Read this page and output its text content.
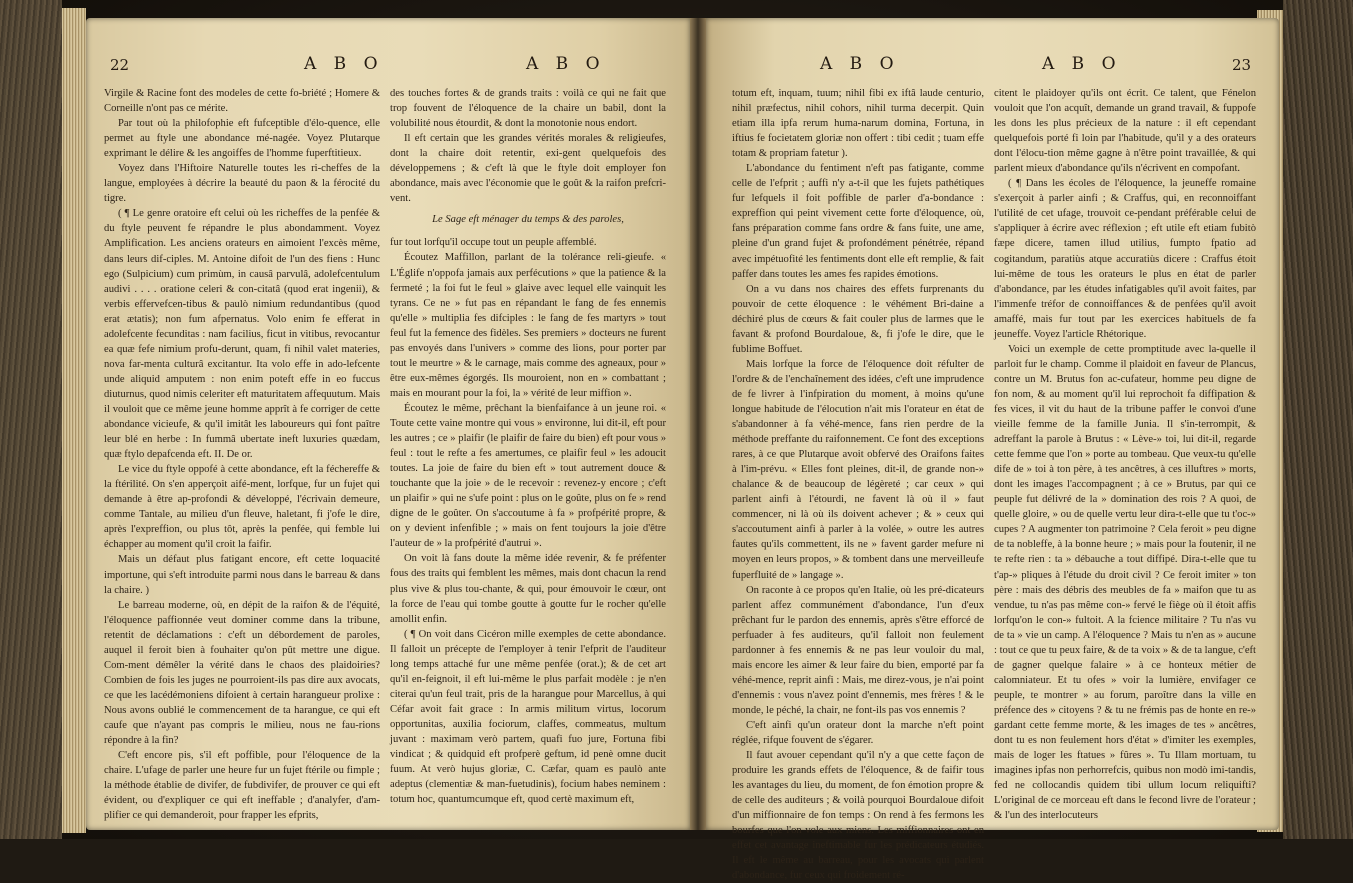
22	A B O	A B O	A B O	A B O	23

Virgile & Racine font des modeles de cette fo-briété ; Homere & Corneille n'ont pas ce mérite.

Par tout où la philofophie eft fufceptible d'élo-quence, elle permet au ftyle une abondance mé-nagée. Voyez Plutarque exprimant le délire & les angoiffes de l'homme fuperftitieux.

Voyez dans l'Hiftoire Naturelle toutes les ri-cheffes de la langue, employées à décrire la beauté du paon & la férocité du tigre.

( ¶ Le genre oratoire eft celui où les richeffes de la penfée & du ftyle peuvent fe répandre le plus abondamment. Voyez Amplification. Les anciens orateurs en aimoient l'excès même, dans leurs dif-ciples. M. Antoine difoit de l'un des fiens : Hunc ego (Sulpicium) cum primùm, in causâ parvulâ, adolefcentulum audivi . . . . oratione celeri & con-citatâ (quod erat ingenii), & verbis effervefcen-tibus & paulò nimium redundantibus (quod erat ætatis); non fum afpernatus. Volo enim fe efferat in adolefcente fecunditas : nam facilius, ficut in vitibus, revocantur ea quæ fefe nimium profu-derunt, quam, fi nihil valet materies, nova far-menta culturâ excitantur. Ita volo effe in ado-lefcente unde aliquid amputem : non enim poteft effe in eo fuccus diuturnus, quod nimis celeriter eft maturitatem affequutum. Mais il vouloit que ce même jeune homme apprît à fe corriger de cette abondance vicieufe, & qu'il imitât les laboureurs qui font paître leur blé en herbe : In fummâ ubertate ineft luxuries quædam, quæ ftylo depafcenda eft. II. De or.

Le vice du ftyle oppofé à cette abondance, eft la féchereffe & la ftérilité. On s'en apperçoit aifé-ment, lorfque, fur un fujet qui demande à être ap-profondi & développé, l'écrivain demeure, comme Tantale, au milieu d'un fleuve, haletant, fi j'ofe le dire, après l'expreffion, ou plus tôt, après la penfée, qui femble lui échapper au moment qu'il croit la faifir.

Mais un défaut plus fatigant encore, eft cette loquacité importune, qui s'eft introduite parmi nous dans le barreau & dans la chaire. )

Le barreau moderne, où, en dépit de la raifon & de l'équité, l'éloquence paffionnée veut dominer comme dans la tribune, retentit de déclamations : c'eft un débordement de paroles, auquel il feroit bien à fouhaiter qu'on pût mettre une digue. Com-ment démêler la vérité dans le chaos des plaidoiries? Combien de fois les juges ne pourroient-ils pas dire aux avocats, ce que les lacédémoniens difoient à certain harangueur prolixe : Nous avons oublié le commencement de ta harangue, ce qui eft caufe que n'ayant pas compris le milieu, nous ne fau-rions répondre à la fin?

C'eft encore pis, s'il eft poffible, pour l'éloquence de la chaire. L'ufage de parler une heure fur un fujet ftérile ou fimple ; la méthode établie de divifer, de fubdivifer, de prouver ce qui eft évident, ou d'expliquer ce qui eft ineffable ; d'analyfer, d'am-plifier ce qui demanderoit, pour frapper les efprits,

des touches fortes & de grands traits : voilà ce qui ne fait que trop fouvent de l'éloquence de la chaire un babil, dont la volubilité nous étourdit, & dont la monotonie nous endort.

Il eft certain que les grandes vérités morales & religieufes, dont la chaire doit retentir, exi-gent quelquefois des développemens ; & c'eft là que le ftyle doit employer fon abondance, mais avec l'économie que le goût & la raifon prefcri-vent.

Le Sage eft ménager du temps & des paroles,

fur tout lorfqu'il occupe tout un peuple affemblé.

Écoutez Maffillon, parlant de la tolérance reli-gieufe. « L'Églife n'oppofa jamais aux perfécutions » que la patience & la fermeté ; la foi fut le feul » glaive avec lequel elle vainquit les tyrans. Ce ne » fut pas en répandant le fang de fes ennemis qu'elle » multiplia fes difciples : le fang de fes martyrs » tout feul fut la femence des fidèles. Ses premiers » docteurs ne furent pas envoyés dans l'univers » comme des lions, pour porter par tout le meurtre » & le carnage, mais comme des agneaux, pour » être eux-mêmes égorgés. Ils mouroient, non en » combattant ; mais en mourant pour la foi, la » vérité de leur miffion ».

Écoutez le même, prêchant la bienfaifance à un jeune roi. « Toute cette vaine montre qui vous » environne, lui dit-il, eft pour les autres ; ce » plaifir (le plaifir de faire du bien) eft pour vous » feul : tout le refte a fes amertumes, ce plaifir feul » les adoucit toutes. La joie de faire du bien eft » tout autrement douce & touchante que la joie » de le recevoir : revenez-y encore ; c'eft un plaifir » qui ne s'ufe point : plus on le goûte, plus on fe » rend digne de le goûter. On s'accoutume à fa » profpérité propre, & on y devient infenfible ; » mais on fent toujours la joie d'être l'auteur de » la profpérité d'autrui ».

On voit là fans doute la même idée revenir, & fe préfenter fous des traits qui femblent les mêmes, mais dont chacun la rend plus vive & plus tou-chante, & qui, pour émouvoir le cœur, ont la force de l'eau qui tombe goutte à goutte fur le rocher qu'elle amollit enfin.

( ¶ On voit dans Cicéron mille exemples de cette abondance. Il falloit un précepte de l'employer à tenir l'efprit de l'auditeur long temps attaché fur une même penfée (orat.); & de cet art qu'il en-feignoit, il eft lui-même le plus parfait modèle : je n'en citerai qu'un feul trait, pris de la harangue pour Marcellus, à qui Céfar avoit fait grace : In armis militum virtus, locorum opportunitas, auxilia fociorum, claffes, commeatus, multum juvant : maximam verò partem, quafi fuo jure, Fortuna fibi vindicat ; & quidquid eft profperè geftum, id penè omne ducit fuum. At verò hujus gloriæ, C. Cæfar, quam es paulò ante adeptus (clementiæ & man-fuetudinis), focium habes neminem : totum hoc, quantumcumque eft, quod certè maximum eft,

totum eft, inquam, tuum; nihil fibi ex iftâ laude centurio, nihil præfectus, nihil cohors, nihil turma decerpit. Quin etiam illa ipfa rerum huma-narum domina, Fortuna, in iftius fe focietatem gloriæ non offert : tibi cedit ; tuam effe totam & propriam fatetur ).

L'abondance du fentiment n'eft pas fatigante, comme celle de l'efprit ; auffi n'y a-t-il que les fujets pathétiques fur lefquels il foit poffible de parler d'a-bondance : expreffion qui peint vivement cette forte d'éloquence, où, fans préparation comme fans ordre & fans fuite, une ame, pleine d'un grand fujet & profondément pénétrée, répand avec impétuofité les fentiments dont elle eft remplie, & fait paffer dans toutes les ames fes rapides émotions.

On a vu dans nos chaires des effets furprenants du pouvoir de cette éloquence : le véhément Bri-daine a déchiré plus de cœurs & fait couler plus de larmes que le favant & profond Bourdaloue, &, fi j'ofe le dire, que le fublime Boffuet.

Mais lorfque la force de l'éloquence doit réfulter de l'ordre & de l'enchaînement des idées, c'eft une imprudence de fe livrer à l'infpiration du moment, à moins qu'une longue habitude de l'élocution n'ait mis l'orateur en état de s'abandonner à fa véhé-mence, fans rien perdre de la méthode preffante du raifonnement. Ce font des exceptions rares, à ce que Plutarque avoit obfervé des Oraifons faites à l'im-prévu. « Elles font pleines, dit-il, de grande non-» chalance & de beaucoup de légèreté ; car ceux » qui parlent ainfi à l'étourdi, ne favent là où il » faut commencer, ni là où ils doivent achever ; & » ceux qui s'accoutument ainfi à parler à la volée, » outre les autres fautes qu'ils commettent, ils ne » favent garder mefure ni moyen en leurs propos, » & tombent dans une merveilleufe fuperfluité de » langage ».

On raconte à ce propos qu'en Italie, où les pré-dicateurs parlent affez communément d'abondance, l'un d'eux prêchant fur le pardon des ennemis, après s'être efforcé de perfuader à fes auditeurs, qu'il falloit non feulement pardonner à fes ennemis & ne pas leur vouloir du mal, mais encore les aimer & leur faire du bien, emporté par fa véhé-mence, reprit ainfi : Mais, me direz-vous, je n'ai point d'ennemis : vous n'avez point d'ennemis, mes frères ! & le monde, le péché, la chair, ne font-ils pas vos ennemis ?

C'eft ainfi qu'un orateur dont la marche n'eft point réglée, rifque fouvent de s'égarer.

Il faut avouer cependant qu'il n'y a que cette façon de produire les grands effets de l'éloquence, & de faifir tous les avantages du lieu, du moment, de fon émotion propre & de celle des auditeurs ; & voilà pourquoi Bourdaloue difoit d'un miffionnaire de fon temps : On rend à fes fermons les bourfes que l'on vole aux miens. Les miffionnaires ont en effet cet avantage ineftimable fur les prédicateurs étudiés. Il eft le même au barreau, pour les avocats qui parlent d'abondance, fur ceux qui froidement ré-

citent le plaidoyer qu'ils ont écrit. Ce talent, que Fénelon vouloit que l'on acquît, demande un grand travail, & fuppofe les dons les plus précieux de la nature : il eft cependant quelquefois porté fi loin par l'habitude, qu'il y a des orateurs dont l'élocu-tion même gagne à n'être point travaillée, & qui parlent mieux d'abondance qu'ils n'écrivent en compofant.

( ¶ Dans les écoles de l'éloquence, la jeuneffe romaine s'exerçoit à parler ainfi ; & Craffus, qui, en reconnoiffant l'utilité de cet ufage, trouvoit ce-pendant préférable celui de s'appliquer à écrire avec réflexion ; eft utile eft etiam fubitò fæpe dicere, tamen illud utilius, fumpto fpatio ad cogitandum, paratiùs atque accuratiùs dicere : Craffus étoit lui-même de tous les orateurs le plus en état de parler d'abondance, par les études infatigables qu'il avoit faites, par l'immenfe tréfor de connoiffances & de penfées qu'il avoit amaffé, mais fur tout par les exercices habituels de fa jeuneffe. Voyez l'article Rhétorique.

Voici un exemple de cette promptitude avec la-quelle il parloit fur le champ. Comme il plaidoit en faveur de Plancus, contre un M. Brutus fon ac-cufateur, homme peu digne de fon nom, & au moment qu'il lui reprochoit fa diffipation & fes vices, il vit du haut de la tribune paffer le convoi d'une vieille femme de la famille Junia. Il s'in-terrompit, & adreffant la parole à Brutus : « Lève-» toi, lui dit-il, regarde cette femme que l'on » porte au tombeau. Que veux-tu qu'elle dife de » toi à ton père, à tes ancêtres, à ces illuftres » morts, dont les images l'accompagnent ; à ce » Brutus, par qui ce peuple fut délivré de la » domination des rois ? A quoi, de quelle gloire, » ou de quelle vertu leur dira-t-elle que tu t'oc-» cupes ? A augmenter ton patrimoine ? Cela feroit » peu digne de ta nobleffe, à la bonne heure ; » mais pour la foutenir, il ne te refte rien : ta » débauche a tout diffipé. Dira-t-elle que tu t'ap-» pliques à l'étude du droit civil ? Ce feroit imiter » ton père : mais des débris des meubles de fa » maifon que tu as vendue, tu n'as pas même con-» fervé le fiège où il étoit affis lorfqu'on le con-» fultoit. A la fcience militaire ? Tu n'as vu de ta » vie un camp. A l'éloquence ? Mais tu n'en as » aucune : tout ce que tu peux faire, & de ta voix » & de ta langue, c'eft de gagner quelque falaire » à ce honteux métier de calomniateur. Et tu ofes » voir la lumière, envifager ce peuple, te montrer » au forum, paroître dans la ville en préfence des » citoyens ? & tu ne frémis pas de honte en re-» gardant cette femme morte, & les images de tes » ancêtres, dont tu es non feulement hors d'état » d'imiter les exemples, mais de loger les ftatues » fûres ». Tu Illam mortuam, tu imagines ipfas non perhorrefcis, quibus non modò imi-tandis, fed ne collocandis quidem tibi ullum locum reliquifti? L'original de ce morceau eft dans le fecond livre de l'orateur ; & l'un des interlocuteurs
